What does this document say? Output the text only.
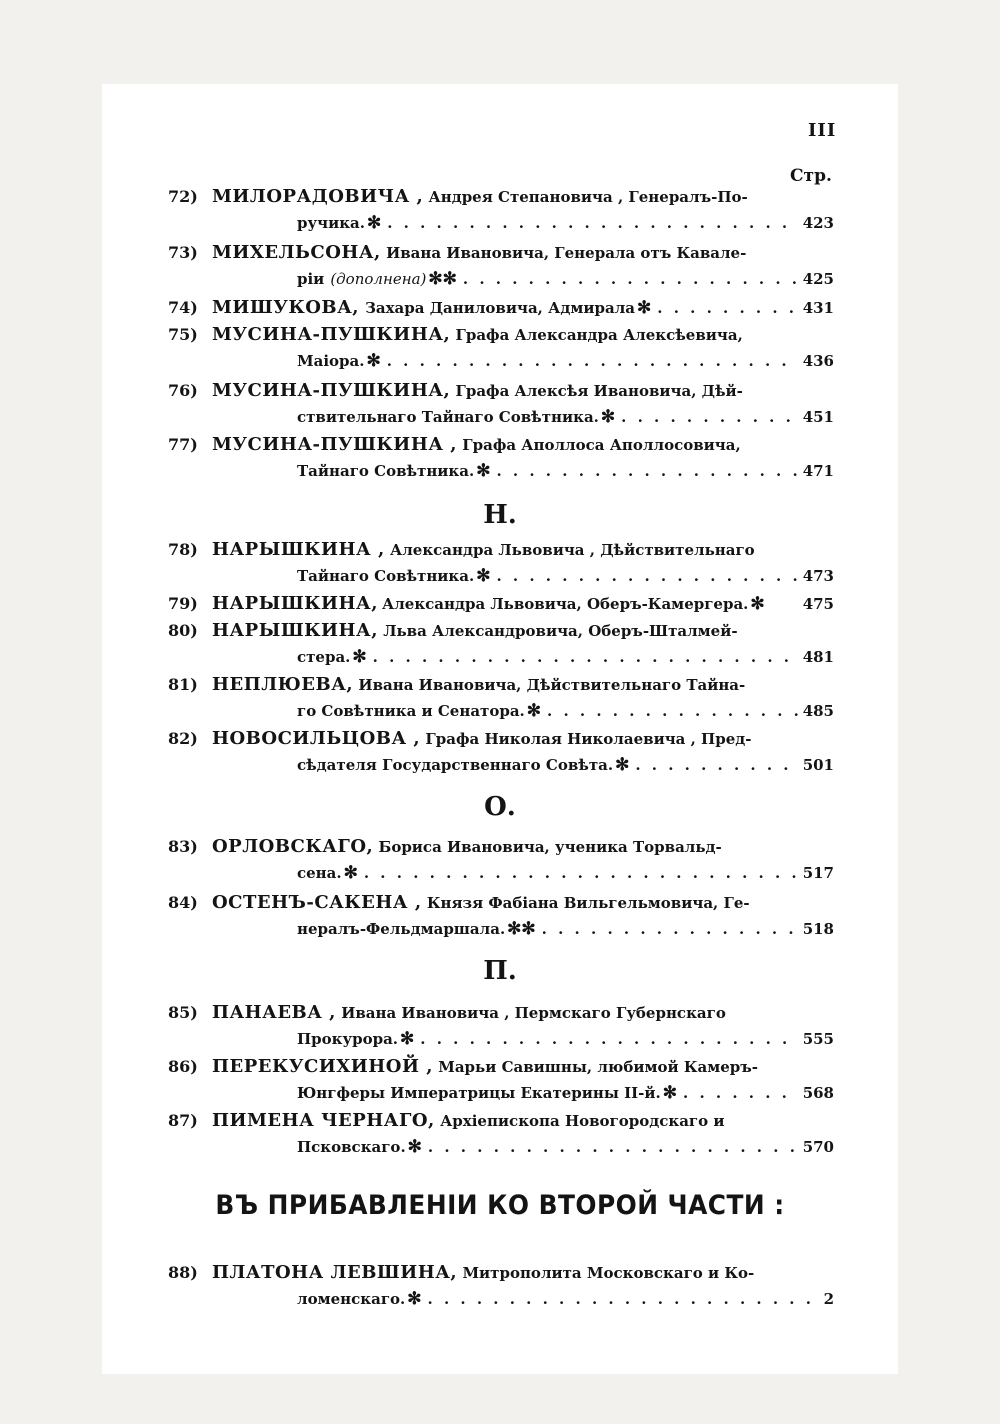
III
Стр.
72) МИЛОРАДОВИЧА , Андрея Степановича , Генералъ-По-
ручика. ✻ . . .	423
73) МИХЕЛЬСОНА, Ивана Ивановича, Генерала отъ Кавале-
рiи (дополнена) ✻✻ . . .	425
74) МИШУКОВА, Захара Даниловича, Адмирала ✻ . . .	431
75) МУСИНА-ПУШКИНА, Графа Александра Алексѣевича,
Маiора. ✻ . . .	436
76) МУСИНА-ПУШКИНА, Графа Алексѣя Ивановича, Дѣй-
ствительнаго Тайнаго Совѣтника. ✻ . . .	451
77) МУСИНА-ПУШКИНА , Графа Аполлоса Аполлосовича,
Тайнаго Совѣтника. ✻ . . .	471
Н.
78) НАРЫШКИНА , Александра Львовича , Дѣйствительнаго
Тайнаго Совѣтника. ✻ . . .	473
79) НАРЫШКИНА, Александра Львовича, Оберъ-Камергера. ✻	475
80) НАРЫШКИНА, Льва Александровича, Оберъ-Шталмей-
стера. ✻ . . .	481
81) НЕПЛЮЕВА, Ивана Ивановича, Дѣйствительнаго Тайна-
го Совѣтника и Сенатора. ✻ . . .	485
82) НОВОСИЛЬЦОВА , Графа Николая Николаевича , Пред-
сѣдателя Государственнаго Совѣта. ✻ . . .	501
О.
83) ОРЛОВСКАГО, Бориса Ивановича, ученика Торвальд-
сена. ✻ . . .	517
84) ОСТЕНЪ-САКЕНА , Князя Фабiана Вильгельмовича, Ге-
нералъ-Фельдмаршала. ✻✻ . . .	518
П.
85) ПАНАЕВА , Ивана Ивановича , Пермскаго Губернскаго
Прокурора. ✻ . . .	555
86) ПЕРЕКУСИХИНОЙ , Марьи Савишны, любимой Камеръ-
Юнгферы Императрицы Екатерины II-й. ✻ . . .	568
87) ПИМЕНА ЧЕРНАГО, Архiепископа Новогородскаго и
Псковскаго. ✻ . . .	570
ВЪ ПРИБАВЛЕНIИ КО ВТОРОЙ ЧАСТИ :
88) ПЛАТОНА ЛЕВШИНА, Митрополита Московскаго и Ко-
ломенскаго. ✻ . . .	2
